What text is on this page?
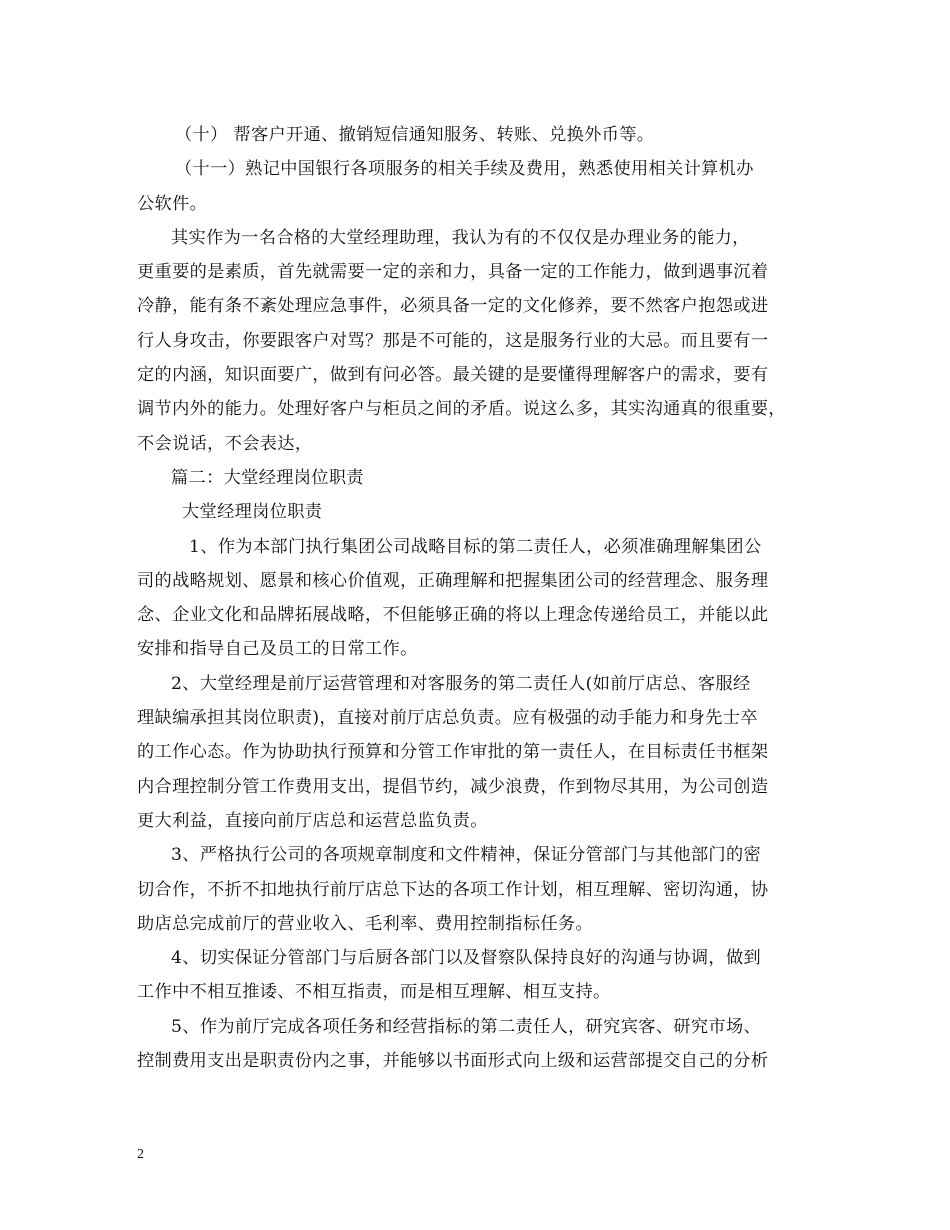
（十） 帮客户开通、撤销短信通知服务、转账、兑换外币等。
（十一）熟记中国银行各项服务的相关手续及费用，熟悉使用相关计算机办
公软件。
其实作为一名合格的大堂经理助理，我认为有的不仅仅是办理业务的能力，
更重要的是素质，首先就需要一定的亲和力，具备一定的工作能力，做到遇事沉着
冷静，能有条不紊处理应急事件，必须具备一定的文化修养，要不然客户抱怨或进
行人身攻击，你要跟客户对骂？那是不可能的，这是服务行业的大忌。而且要有一
定的内涵，知识面要广，做到有问必答。最关键的是要懂得理解客户的需求，要有
调节内外的能力。处理好客户与柜员之间的矛盾。说这么多，其实沟通真的很重要，
不会说话，不会表达，
篇二：大堂经理岗位职责
大堂经理岗位职责
1、作为本部门执行集团公司战略目标的第二责任人，必须准确理解集团公
司的战略规划、愿景和核心价值观，正确理解和把握集团公司的经营理念、服务理
念、企业文化和品牌拓展战略，不但能够正确的将以上理念传递给员工，并能以此
安排和指导自己及员工的日常工作。
2、大堂经理是前厅运营管理和对客服务的第二责任人(如前厅店总、客服经
理缺编承担其岗位职责)，直接对前厅店总负责。应有极强的动手能力和身先士卒
的工作心态。作为协助执行预算和分管工作审批的第一责任人，在目标责任书框架
内合理控制分管工作费用支出，提倡节约，减少浪费，作到物尽其用，为公司创造
更大利益，直接向前厅店总和运营总监负责。
3、严格执行公司的各项规章制度和文件精神，保证分管部门与其他部门的密
切合作，不折不扣地执行前厅店总下达的各项工作计划，相互理解、密切沟通，协
助店总完成前厅的营业收入、毛利率、费用控制指标任务。
4、切实保证分管部门与后厨各部门以及督察队保持良好的沟通与协调，做到
工作中不相互推诿、不相互指责，而是相互理解、相互支持。
5、作为前厅完成各项任务和经营指标的第二责任人，研究宾客、研究市场、
控制费用支出是职责份内之事，并能够以书面形式向上级和运营部提交自己的分析
2
